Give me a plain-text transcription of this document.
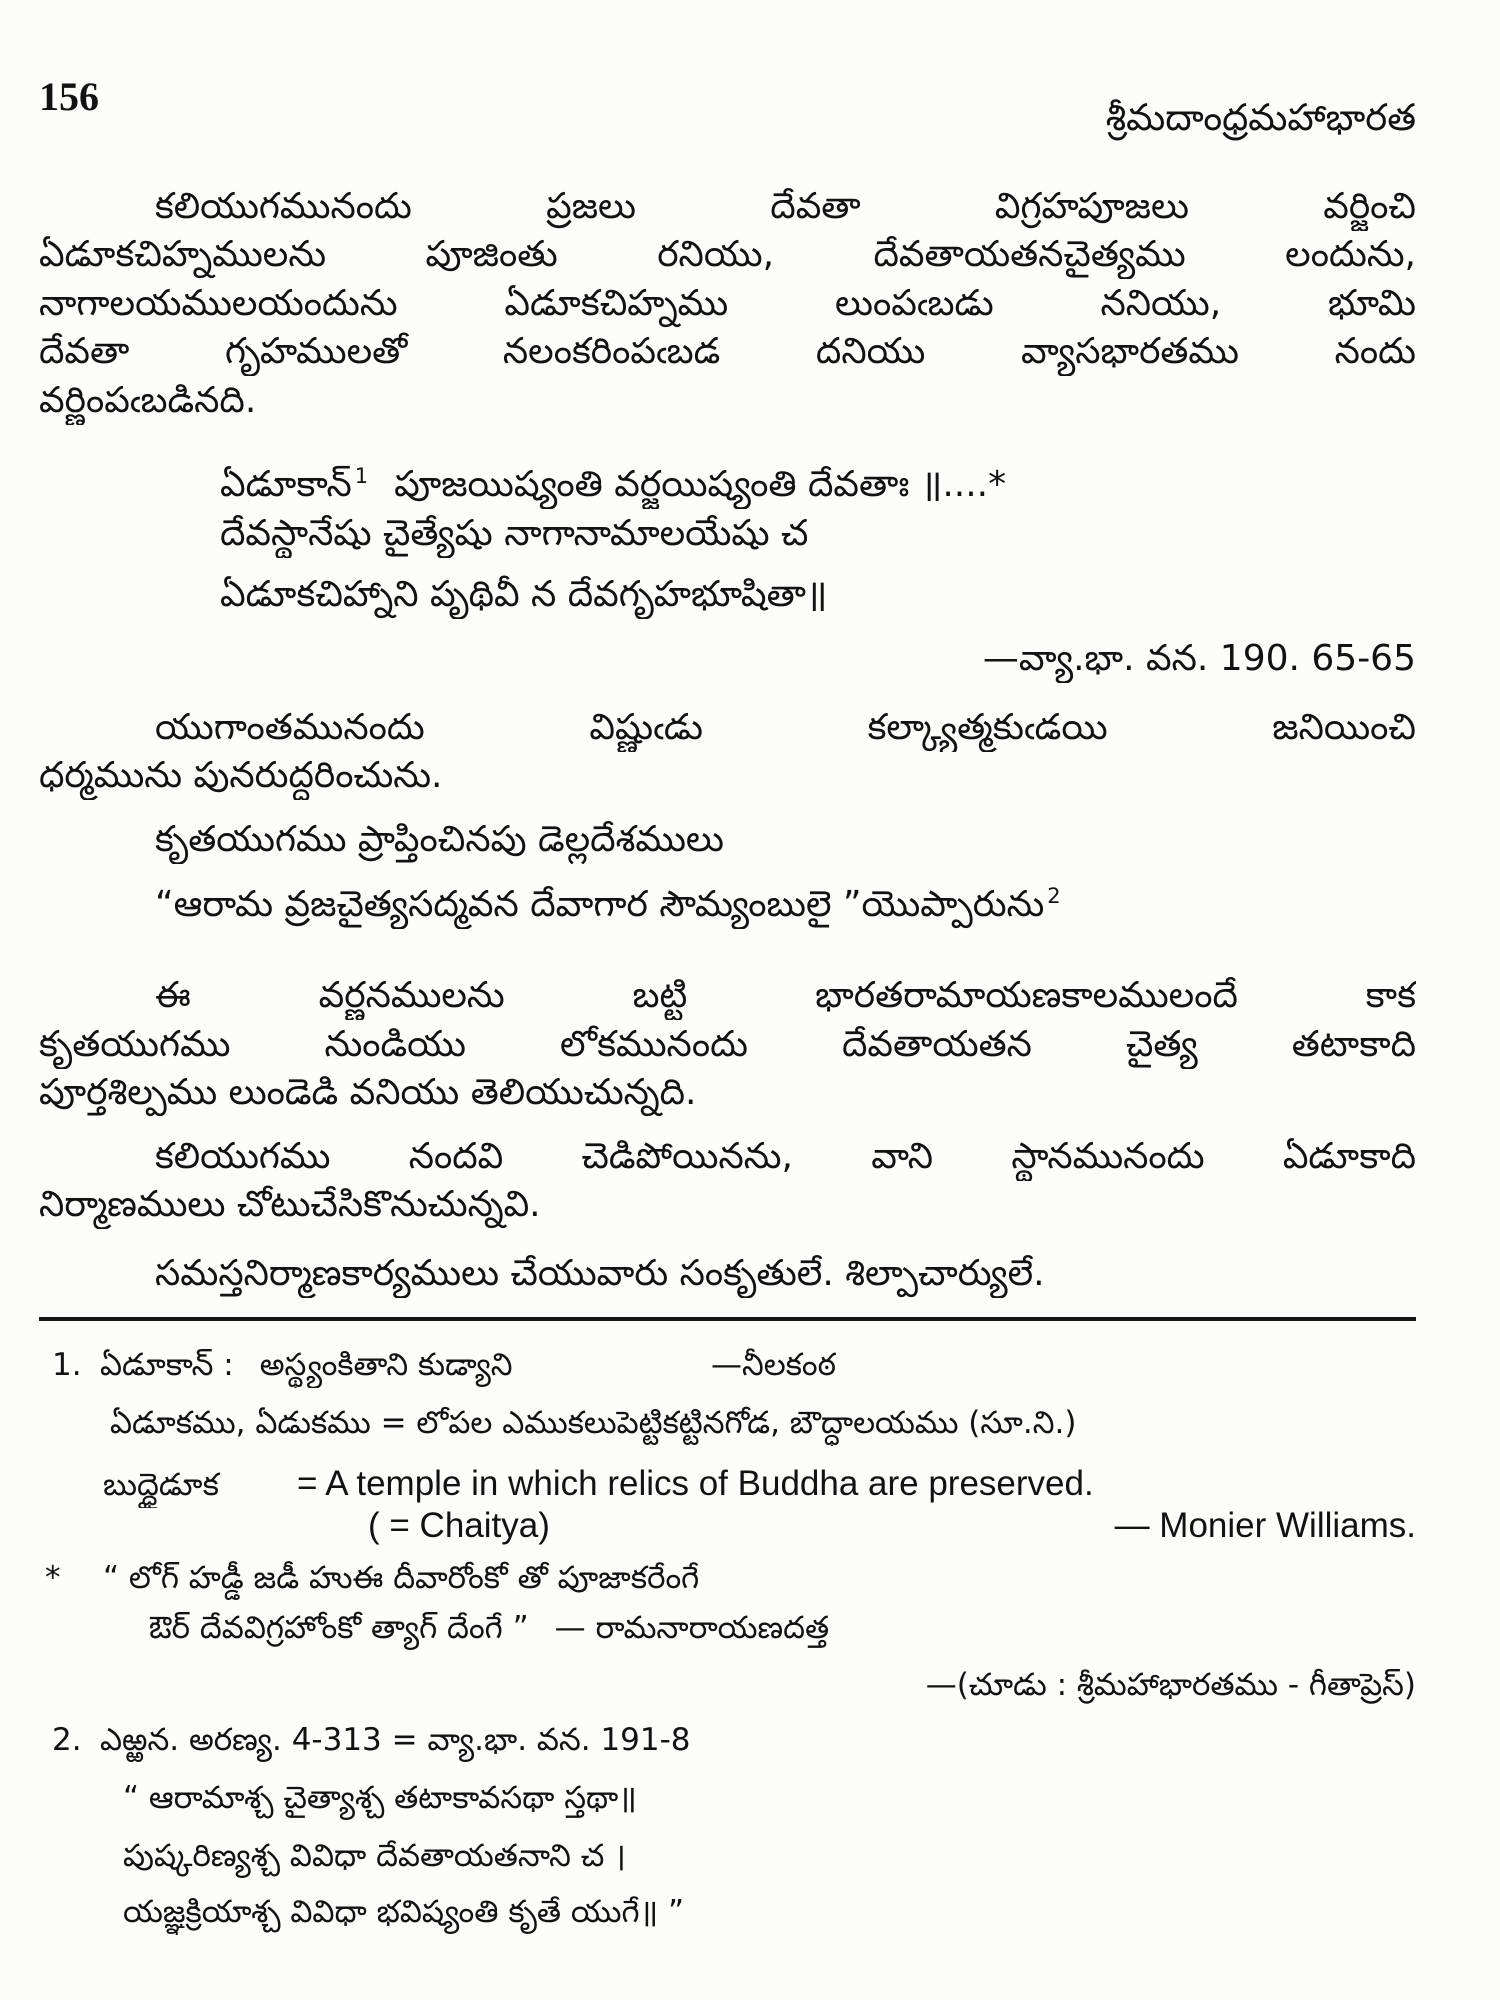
156	శ్రీమదాంధ్రమహాభారత
కలియుగమునందు ప్రజలు దేవతా విగ్రహపూజలు వర్జించి
ఏడూకచిహ్నములను పూజింతు రనియు, దేవతాయతనచైత్యము లందును,
నాగాలయములయందును ఏడూకచిహ్నము లుంపఁబడు ననియు, భూమి
దేవతా గృహములతో నలంకరింపఁబడ దనియు వ్యాసభారతము నందు
వర్ణింపఁబడినది.
ఏడూకాన్ $^1$ పూజయిష్యంతి వర్జయిష్యంతి దేవతాః ॥....*
దేవస్థానేషు చైత్యేషు నాగానామాలయేషు చ
ఏడూకచిహ్నాని పృథివీ న దేవగృహభూషితా॥
—వ్యా.భా. వన. 190. 65-65
యుగాంతమునందు విష్ణుఁడు కల్క్యాత్మకుఁడయి జనియించి
ధర్మమును పునరుద్ధరించును.
కృతయుగము ప్రాప్తించినపు డెల్లదేశములు
“ఆరామ వ్రజచైత్యసద్మవన దేవాగార సౌమ్యంబులై ”యొప్పారును $^2$
ఈ వర్ణనములను బట్టి భారతరామాయణకాలములందే కాక
కృతయుగము నుండియు లోకమునందు దేవతాయతన చైత్య తటాకాది
పూర్తశిల్పము లుండెడి వనియు తెలియుచున్నది.
కలియుగము నందవి చెడిపోయినను, వాని స్థానమునందు ఏడూకాది
నిర్మాణములు చోటుచేసికొనుచున్నవి.
సమస్తనిర్మాణకార్యములు చేయువారు సంకృతులే. శిల్పాచార్యులే.
1. ఏడూకాన్ : అస్థ్యంకితాని కుడ్యాని	—నీలకంఠ
ఏడూకము, ఏడుకము = లోపల ఎముకలుపెట్టికట్టినగోడ, బౌద్ధాలయము (సూ.ని.)
బుద్ధైడూక = A temple in which relics of Buddha are preserved.
( = Chaitya)	— Monier Williams.
* “ లోగ్ హడ్డీ జడీ హుఈ దీవారోంకో తో పూజాకరేంగే
ఔర్ దేవవిగ్రహోంకో త్యాగ్ దేంగే ” — రామనారాయణదత్త
—(చూడు : శ్రీమహాభారతము - గీతాప్రెస్)
2. ఎఱ్ఱన. అరణ్య. 4-313 = వ్యా.భా. వన. 191-8
“ ఆరామాశ్చ చైత్యాశ్చ తటాకావసథా స్తథా॥
పుష్కరిణ్యశ్చ వివిధా దేవతాయతనాని చ ।
యజ్ఞక్రియాశ్చ వివిధా భవిష్యంతి కృతే యుగే॥ ”
